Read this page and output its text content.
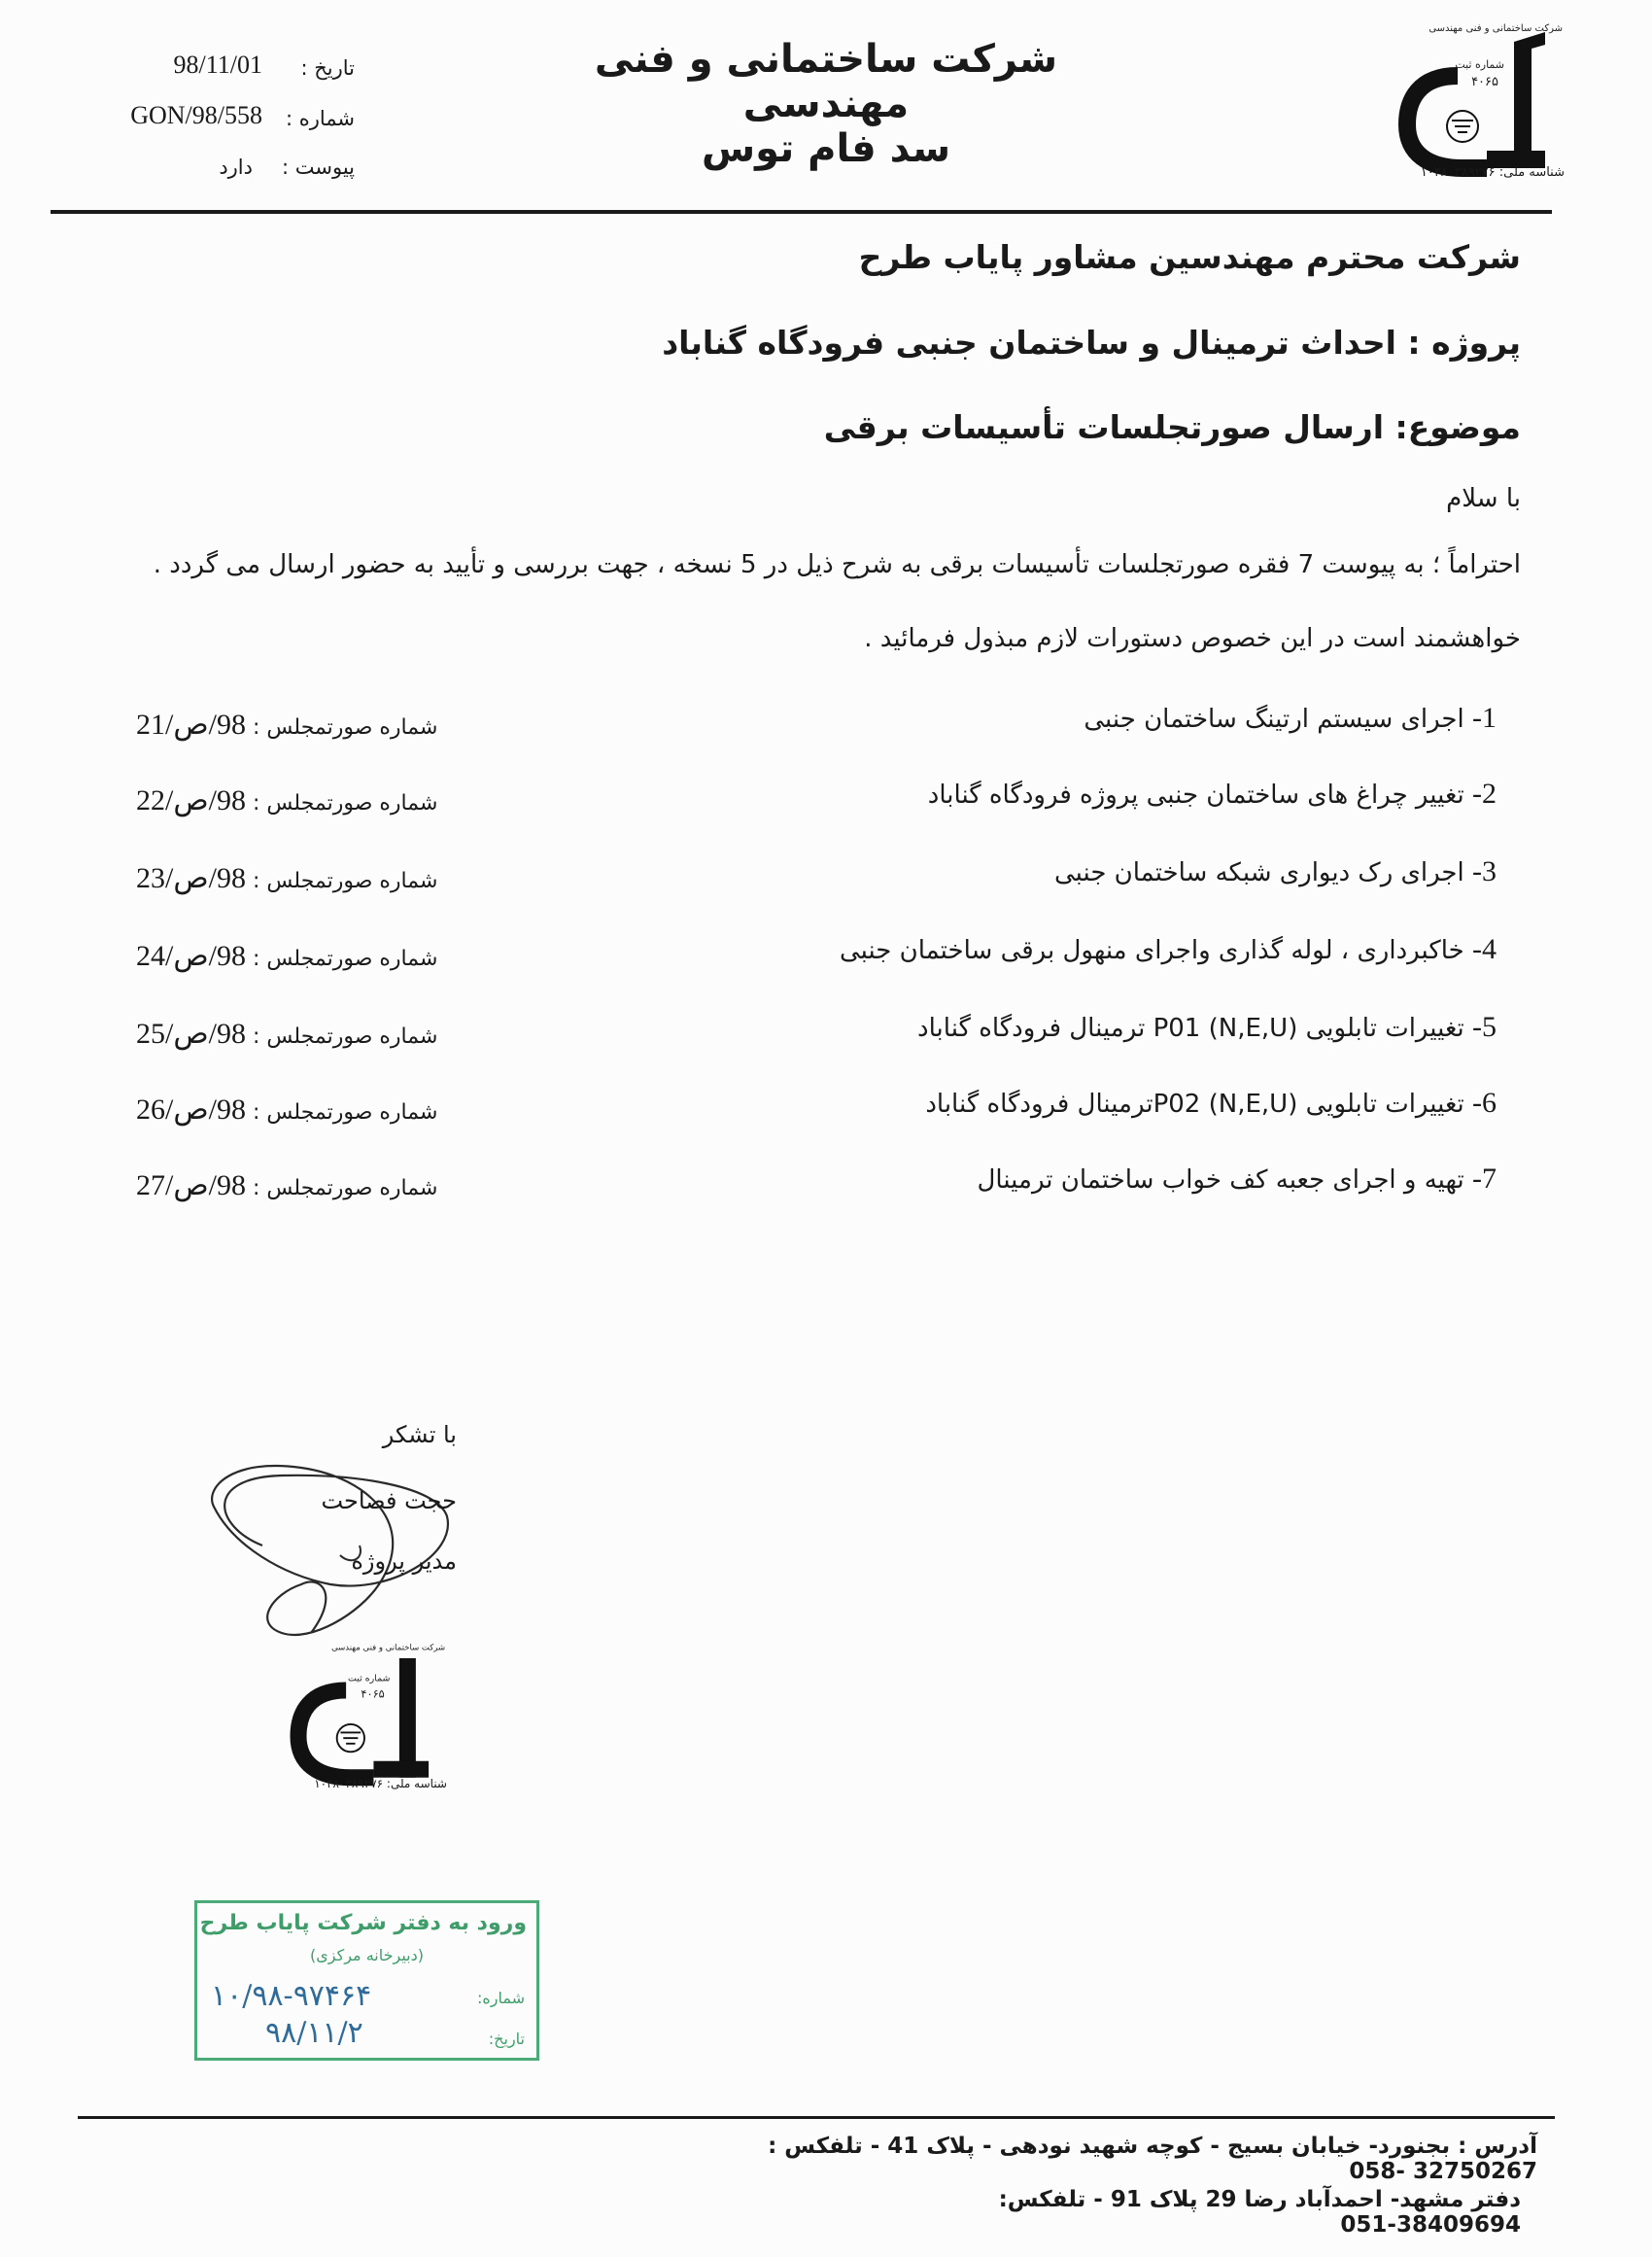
شرکت ساختمانی و فنی مهندسی
سد فام توس
تاریخ :
98/11/01
شماره :
GON/98/558
پیوست :
دارد
شرکت ساختمانی و فنی مهندسی
شماره ثبت
۴۰۶۵
شناسه ملی: ۱۰۳۸۰۳۸۹۲۷۶
شرکت محترم مهندسین مشاور پایاب طرح
پروژه : احداث ترمینال و ساختمان جنبی فرودگاه گناباد
موضوع: ارسال صورتجلسات تأسیسات برقی
با سلام
احتراماً ؛ به پیوست 7 فقره صورتجلسات تأسیسات برقی به شرح ذیل در 5 نسخه ، جهت بررسی و تأیید به حضور ارسال می گردد .
خواهشمند است در این خصوص دستورات لازم مبذول فرمائید .
1- اجرای سیستم ارتینگ ساختمان جنبی
شماره صورتمجلس : 98/ص/21
2- تغییر چراغ های ساختمان جنبی پروژه فرودگاه گناباد
شماره صورتمجلس : 98/ص/22
3- اجرای رک دیواری شبکه ساختمان جنبی
شماره صورتمجلس : 98/ص/23
4- خاکبرداری ، لوله گذاری واجرای منهول برقی ساختمان جنبی
شماره صورتمجلس : 98/ص/24
5- تغییرات تابلویی (N,E,U) P01 ترمینال فرودگاه گناباد
شماره صورتمجلس : 98/ص/25
6- تغییرات تابلویی (N,E,U) P02ترمینال فرودگاه گناباد
شماره صورتمجلس : 98/ص/26
7- تهیه و اجرای جعبه کف خواب ساختمان ترمینال
شماره صورتمجلس : 98/ص/27
با تشکر
حجت فصاحت
مدیر پروژه
شرکت ساختمانی و فنی مهندسی
شماره ثبت
۴۰۶۵
شناسه ملی: ۱۰۳۸۰۳۸۹۲۷۶
ورود به دفتر شرکت پایاب طرح
(دبیرخانه مرکزی)
شماره:
۱۰/۹۸-۹۷۴۶۴
تاریخ:
۹۸/۱۱/۲
آدرس : بجنورد- خیابان بسیج - کوچه شهید نودهی - پلاک 41 - تلفکس : 32750267 -058
دفتر مشهد- احمدآباد رضا 29 پلاک 91 - تلفکس: 38409694-051
